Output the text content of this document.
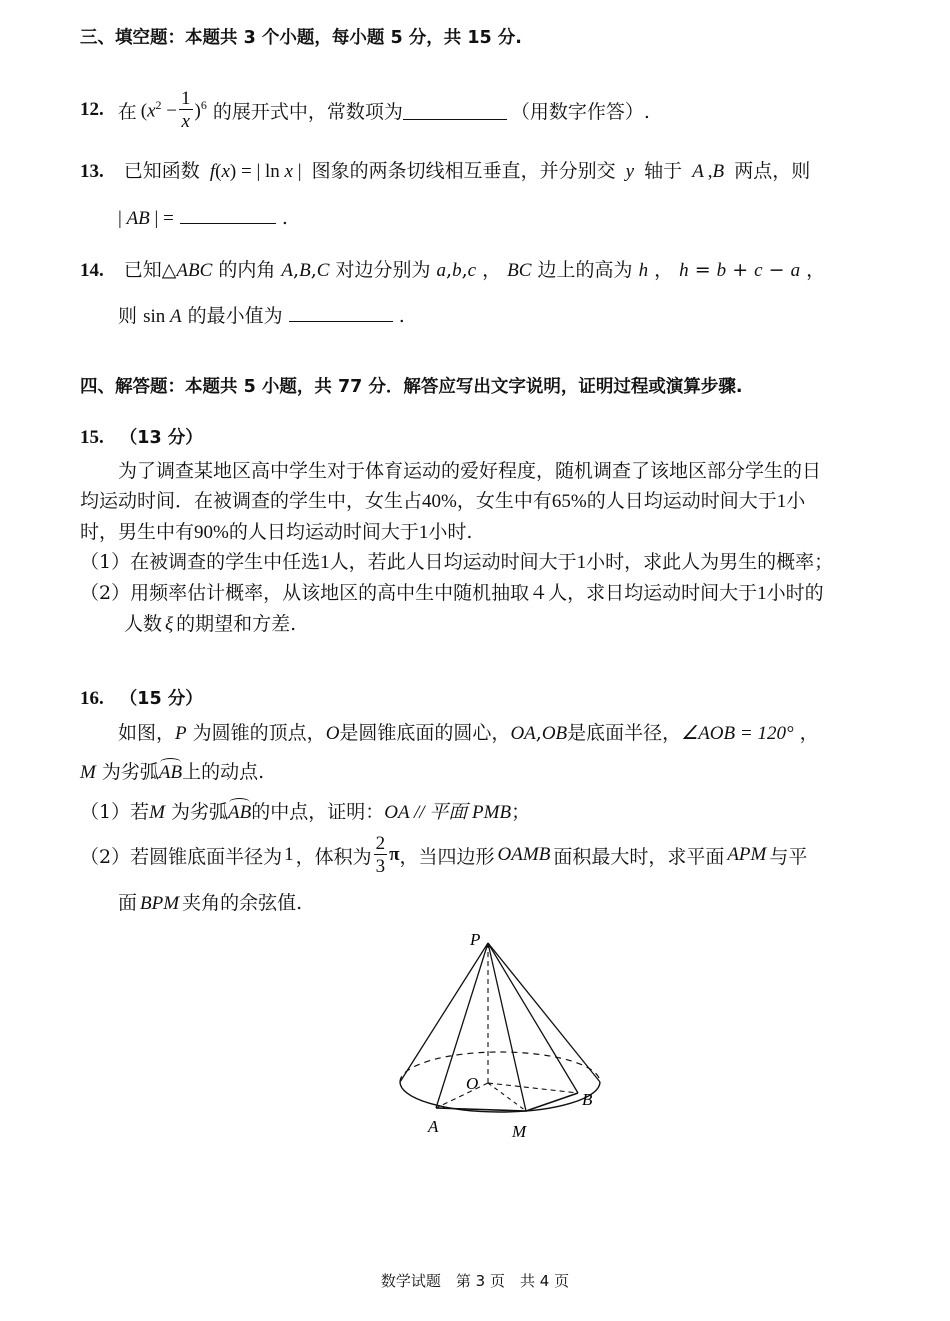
三、填空题：本题共 3 个小题，每小题 5 分，共 15 分.
12. 在 $(x^2 - \frac{1}{x} )^6$ 的展开式中，常数项为	（用数字作答）.
13. 已知函数 f(x) = | ln x | 图象的两条切线相互垂直，并分别交 y 轴于 A ,B 两点，则
| AB | =	.
14. 已知△ABC 的内角 A,B,C 对边分别为 a,b,c ， BC 边上的高为 h ， h = b + c − a ，
则 sin A 的最小值为	.
四、解答题：本题共 5 小题，共 77 分．解答应写出文字说明，证明过程或演算步骤.
15. （13 分）
为了调查某地区高中学生对于体育运动的爱好程度，随机调查了该地区部分学生的日
均运动时间．在被调查的学生中，女生占40%，女生中有65%的人日均运动时间大于1小
时，男生中有90%的人日均运动时间大于1小时.
（1）在被调查的学生中任选1人，若此人日均运动时间大于1小时，求此人为男生的概率；
（2）用频率估计概率，从该地区的高中生中随机抽取４人，求日均运动时间大于1小时的
人数 ξ 的期望和方差.
16. （15 分）
如图，P 为圆锥的顶点，O是圆锥底面的圆心，OA,OB是底面半径，∠AOB = 120° ，
M 为劣弧AB上的动点.
（1）若M 为劣弧AB的中点，证明：OA // 平面 PMB；
（2）若圆锥底面半径为 1 ，体积为 $\frac{2}{3}$ π ，当四边形 OAMB 面积最大时，求平面 APM 与平
面 BPM 夹角的余弦值.
P
O
A	M
B
数学试题　第 3 页　共 4 页
